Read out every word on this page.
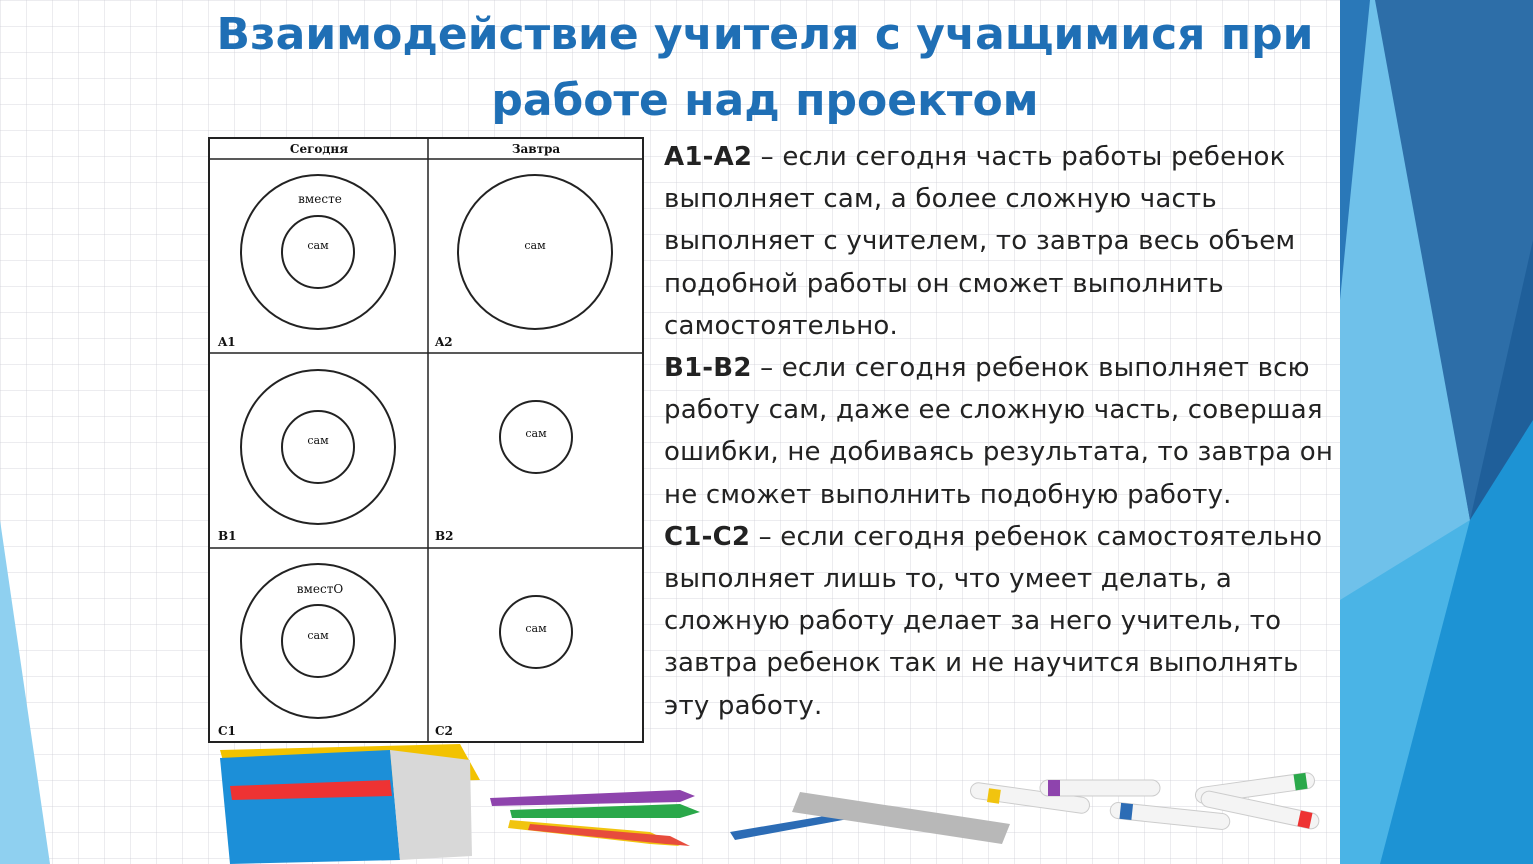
Взаимодействие учителя с учащимися при работе над проектом
Сегодня	Завтра
вместе
сам
A1
сам
A2
сам
B1
сам
B2
вместО
сам
C1
сам
C2

А1-А2 – если сегодня часть работы ребенок выполняет сам, а более сложную часть выполняет с учителем, то завтра весь объем подобной работы он сможет выполнить самостоятельно.

В1-В2 – если сегодня ребенок выполняет всю работу сам, даже ее сложную часть, совершая ошибки, не добиваясь результата, то завтра он не сможет выполнить подобную работу.

С1-С2 – если сегодня ребенок самостоятельно выполняет лишь то, что умеет делать, а сложную работу делает за него учитель, то завтра ребенок так и не научится выполнять эту работу.
